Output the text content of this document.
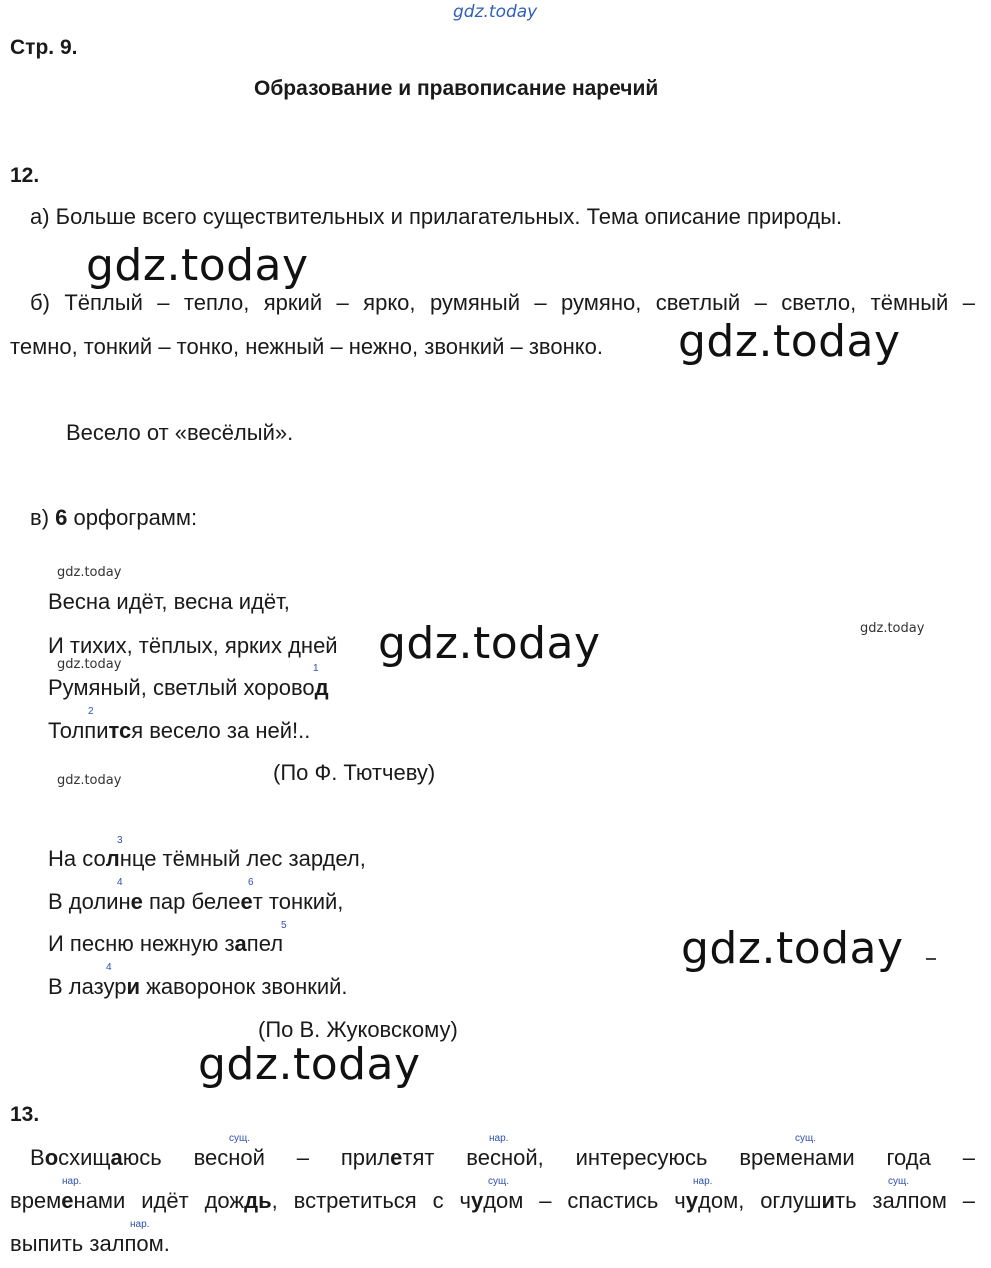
gdz.today
Стр. 9.
Образование и правописание наречий
12.
а) Больше всего существительных и прилагательных. Тема описание природы.
gdz.today
б) Тёплый – тепло, яркий – ярко, румяный – румяно, светлый – светло, тёмный –
темно, тонкий – тонко, нежный – нежно, звонкий – звонко. gdz.today
Весело от «весёлый».
в) 6 орфограмм:
gdz.today
gdz.today
gdz.today
gdz.today
Весна идёт, весна идёт,
И тихих, тёплых, ярких дней gdz.today
1
Румяный, светлый хоровод
2
Толпится весело за ней!..
(По Ф. Тютчеву)
3
На солнце тёмный лес зардел,
4	6
В долине пар белеет тонкий,
5
И песню нежную запел	gdz.today
4
В лазури жаворонок звонкий.
(По В. Жуковскому)
gdz.today
13.
сущ.	нар.	сущ.
Восхищаюсь весной – прилетят весной, интересуюсь временами года –
нар.	сущ.	нар.	сущ.
временами идёт дождь, встретиться с чудом – спастись чудом, оглушить залпом –
нар.
выпить залпом.
